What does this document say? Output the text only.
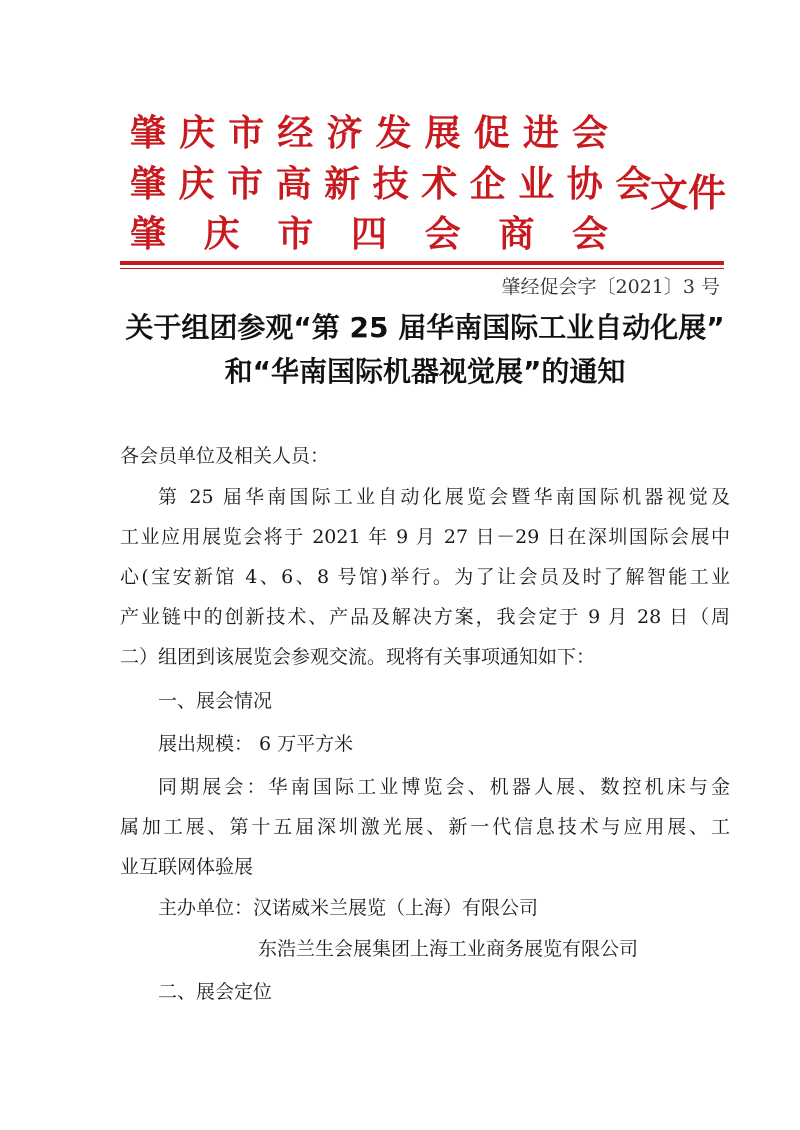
肇 庆 市 经 济 发 展 促 进 会
肇 庆 市 高 新 技 术 企 业 协 会
肇 庆 市 四 会 商 会
文件
肇经促会字〔2021〕3 号
关于组团参观“第 25 届华南国际工业自动化展”
和“华南国际机器视觉展”的通知
各会员单位及相关人员：
第 25 届华南国际工业自动化展览会暨华南国际机器视觉及
工业应用展览会将于 2021 年 9 月 27 日－29 日在深圳国际会展中
心(宝安新馆 4、6、8 号馆)举行。为了让会员及时了解智能工业
产业链中的创新技术、产品及解决方案，我会定于 9 月 28 日（周
二）组团到该展览会参观交流。现将有关事项通知如下：
一、展会情况
展出规模： 6 万平方米
同期展会：华南国际工业博览会、机器人展、数控机床与金
属加工展、第十五届深圳激光展、新一代信息技术与应用展、工
业互联网体验展
主办单位：汉诺威米兰展览（上海）有限公司
东浩兰生会展集团上海工业商务展览有限公司
二、展会定位
